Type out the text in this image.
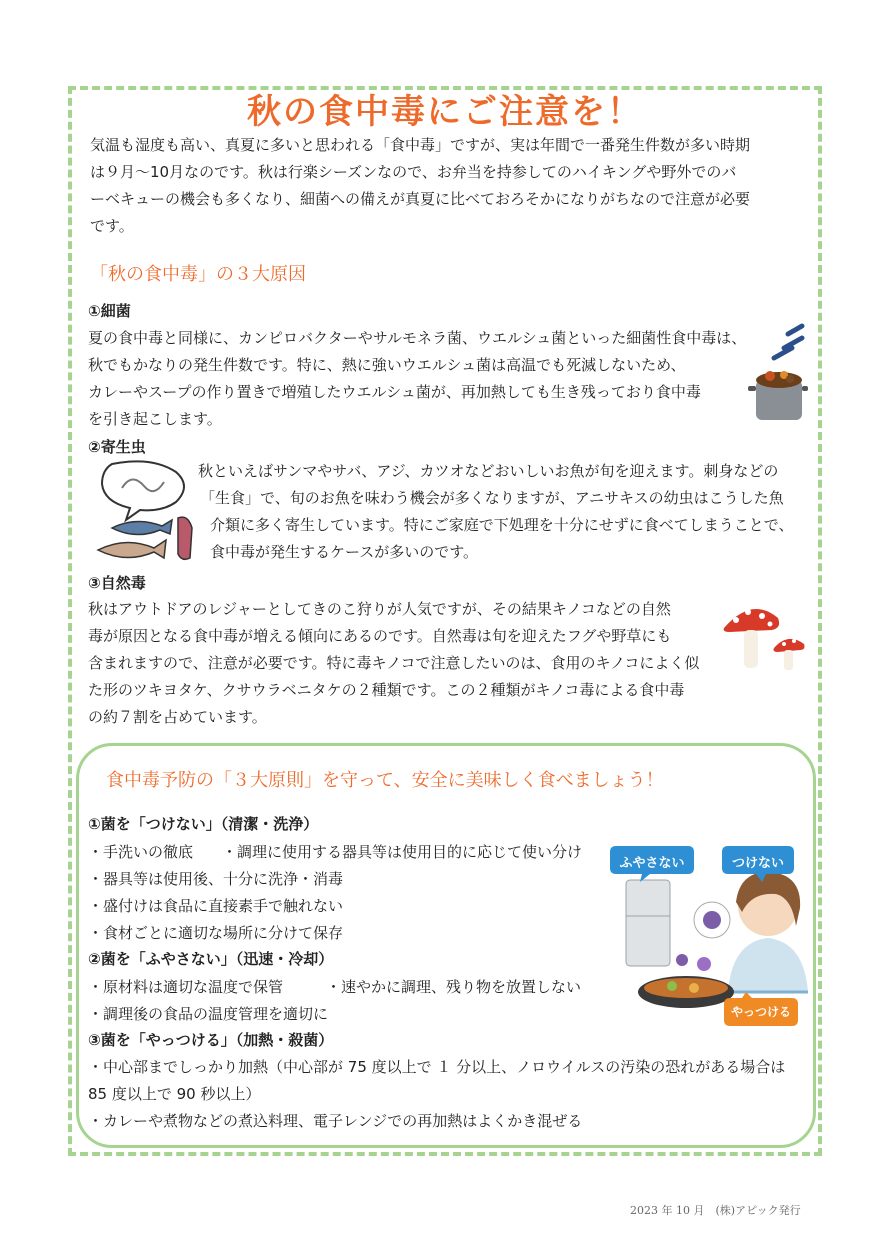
秋の食中毒にご注意を！
気温も湿度も高い、真夏に多いと思われる「食中毒」ですが、実は年間で一番発生件数が多い時期
は９月～10月なのです。秋は行楽シーズンなので、お弁当を持参してのハイキングや野外でのバ
ーベキューの機会も多くなり、細菌への備えが真夏に比べておろそかになりがちなので注意が必要
です。
「秋の食中毒」の３大原因
①細菌
夏の食中毒と同様に、カンピロバクターやサルモネラ菌、ウエルシュ菌といった細菌性食中毒は、
秋でもかなりの発生件数です。特に、熱に強いウエルシュ菌は高温でも死滅しないため、
カレーやスープの作り置きで増殖したウエルシュ菌が、再加熱しても生き残っており食中毒
を引き起こします。
②寄生虫
秋といえばサンマやサバ、アジ、カツオなどおいしいお魚が旬を迎えます。刺身などの
「生食」で、旬のお魚を味わう機会が多くなりますが、アニサキスの幼虫はこうした魚
介類に多く寄生しています。特にご家庭で下処理を十分にせずに食べてしまうことで、
食中毒が発生するケースが多いのです。
③自然毒
秋はアウトドアのレジャーとしてきのこ狩りが人気ですが、その結果キノコなどの自然
毒が原因となる食中毒が増える傾向にあるのです。自然毒は旬を迎えたフグや野草にも
含まれますので、注意が必要です。特に毒キノコで注意したいのは、食用のキノコによく似
た形のツキヨタケ、クサウラベニタケの２種類です。この２種類がキノコ毒による食中毒
の約７割を占めています。
食中毒予防の「３大原則」を守って、安全に美味しく食べましょう！
①菌を「つけない」（清潔・洗浄）
・手洗いの徹底 ・調理に使用する器具等は使用目的に応じて使い分け
・器具等は使用後、十分に洗浄・消毒
・盛付けは食品に直接素手で触れない
・食材ごとに適切な場所に分けて保存
②菌を「ふやさない」（迅速・冷却）
・原材料は適切な温度で保管	・速やかに調理、残り物を放置しない
・調理後の食品の温度管理を適切に
③菌を「やっつける」（加熱・殺菌）
・中心部までしっかり加熱（中心部が 75 度以上で １ 分以上、ノロウイルスの汚染の恐れがある場合は
85 度以上で 90 秒以上）
・カレーや煮物などの煮込料理、電子レンジでの再加熱はよくかき混ぜる
ふやさない	つけない
やっつける
2023 年 10 月　(株)アピック発行
